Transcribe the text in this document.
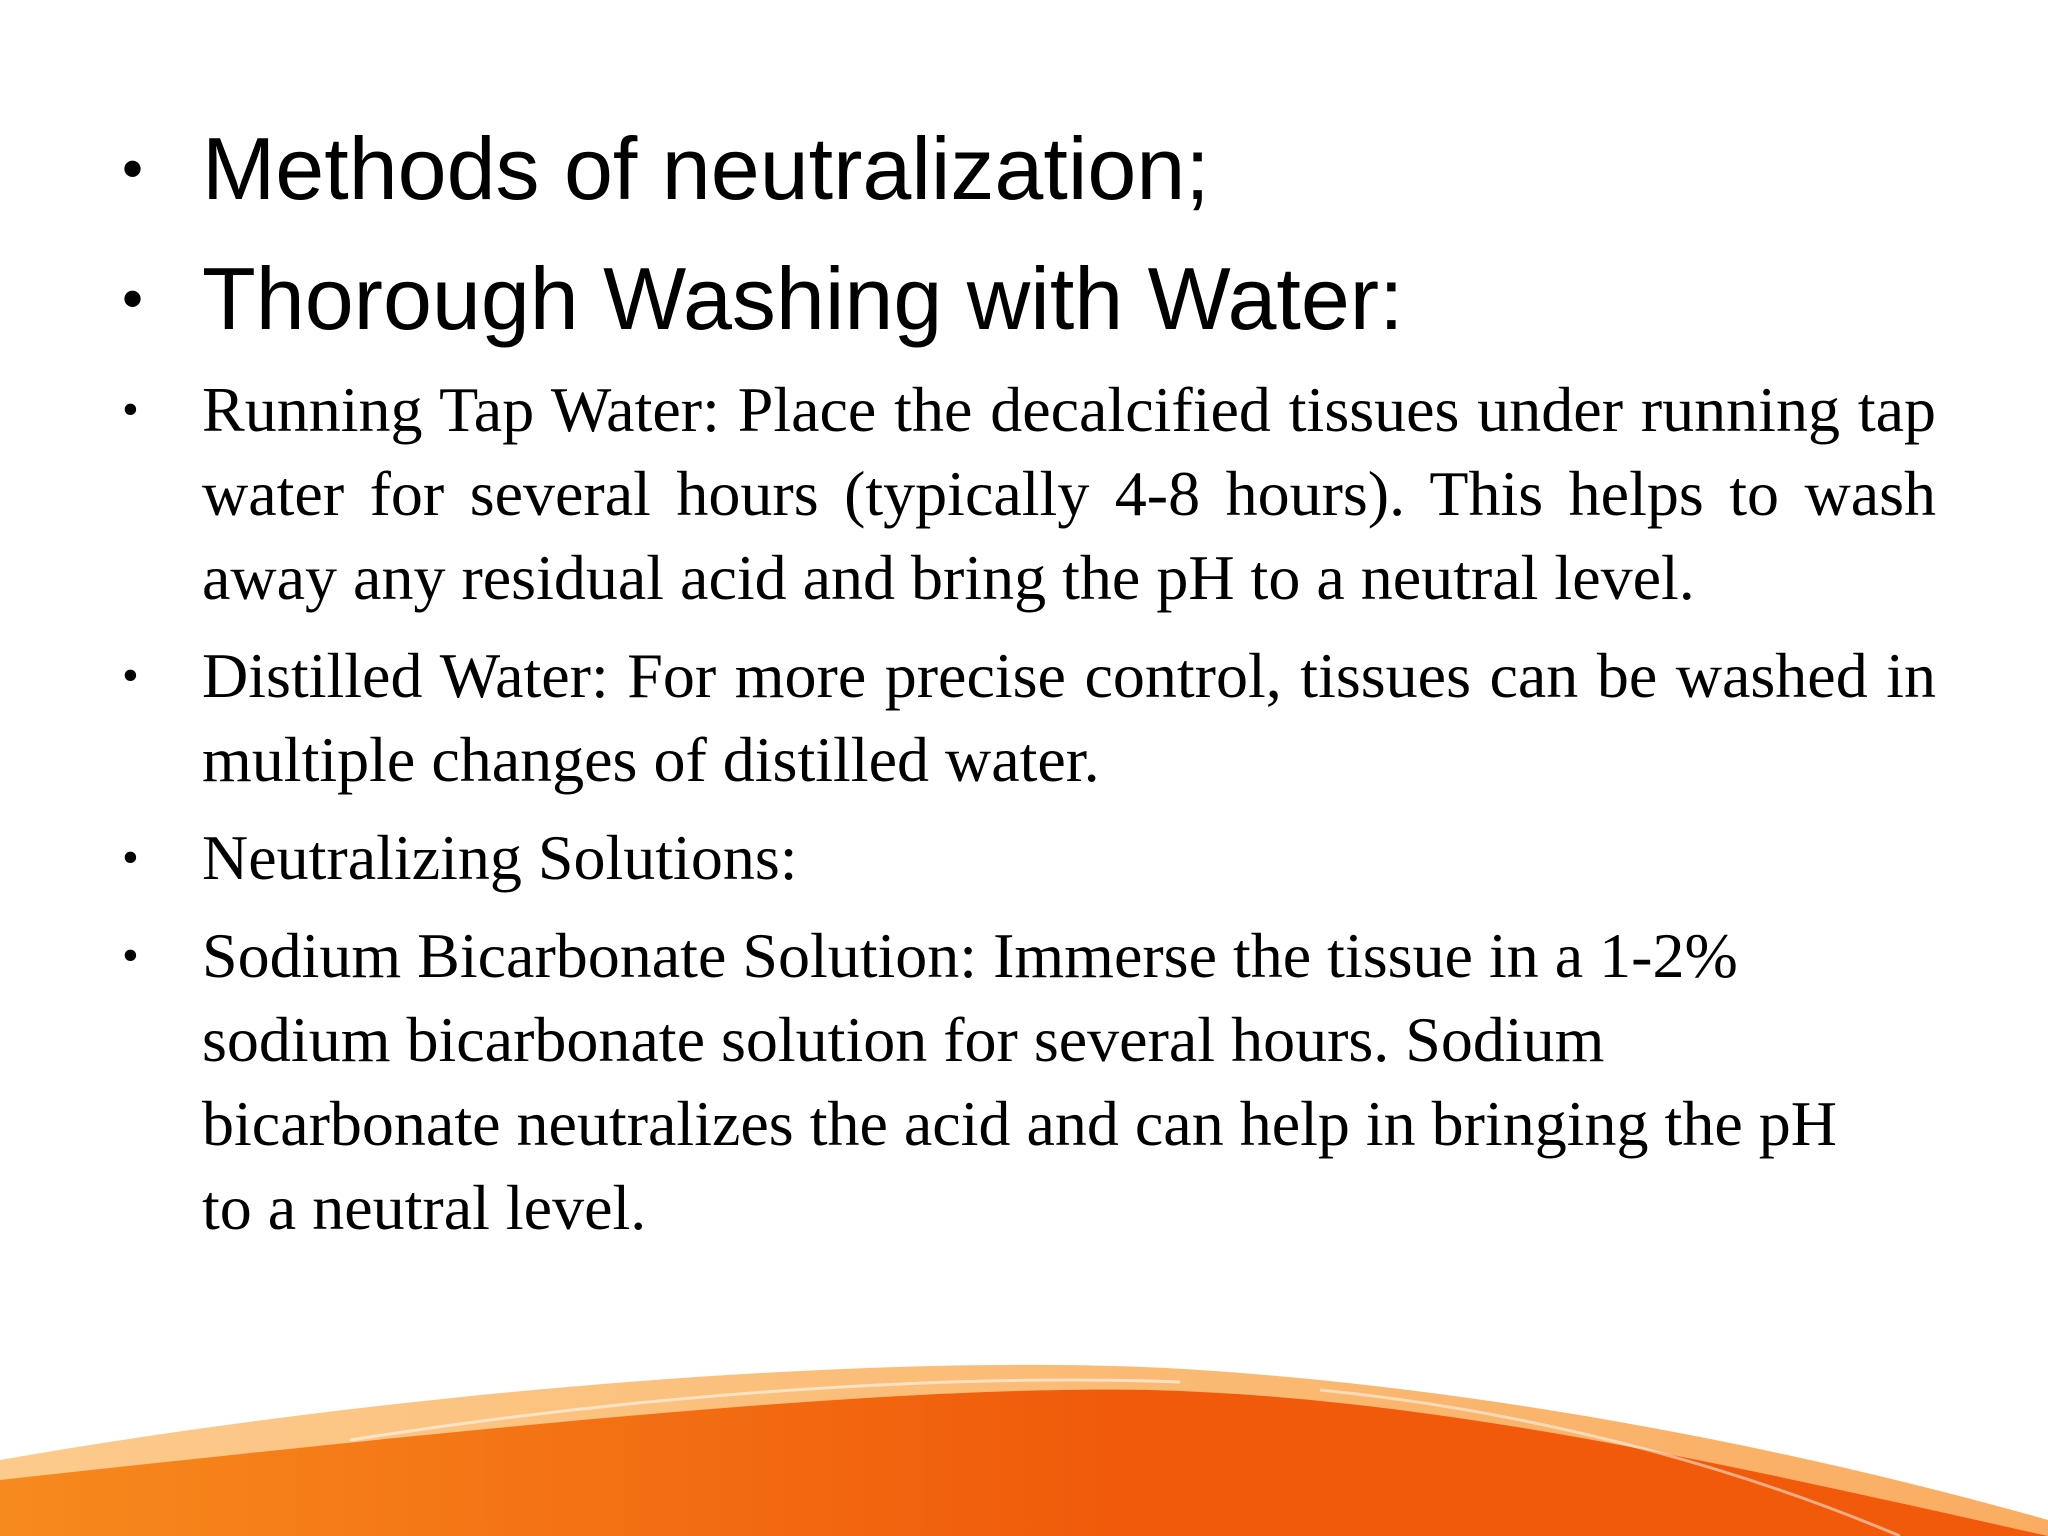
• Methods of neutralization;
• Thorough Washing with Water:
• Running Tap Water: Place the decalcified tissues under running tap water for several hours (typically 4-8 hours). This helps to wash away any residual acid and bring the pH to a neutral level.
• Distilled Water: For more precise control, tissues can be washed in multiple changes of distilled water.
• Neutralizing Solutions:
• Sodium Bicarbonate Solution: Immerse the tissue in a 1-2% sodium bicarbonate solution for several hours. Sodium bicarbonate neutralizes the acid and can help in bringing the pH to a neutral level.
